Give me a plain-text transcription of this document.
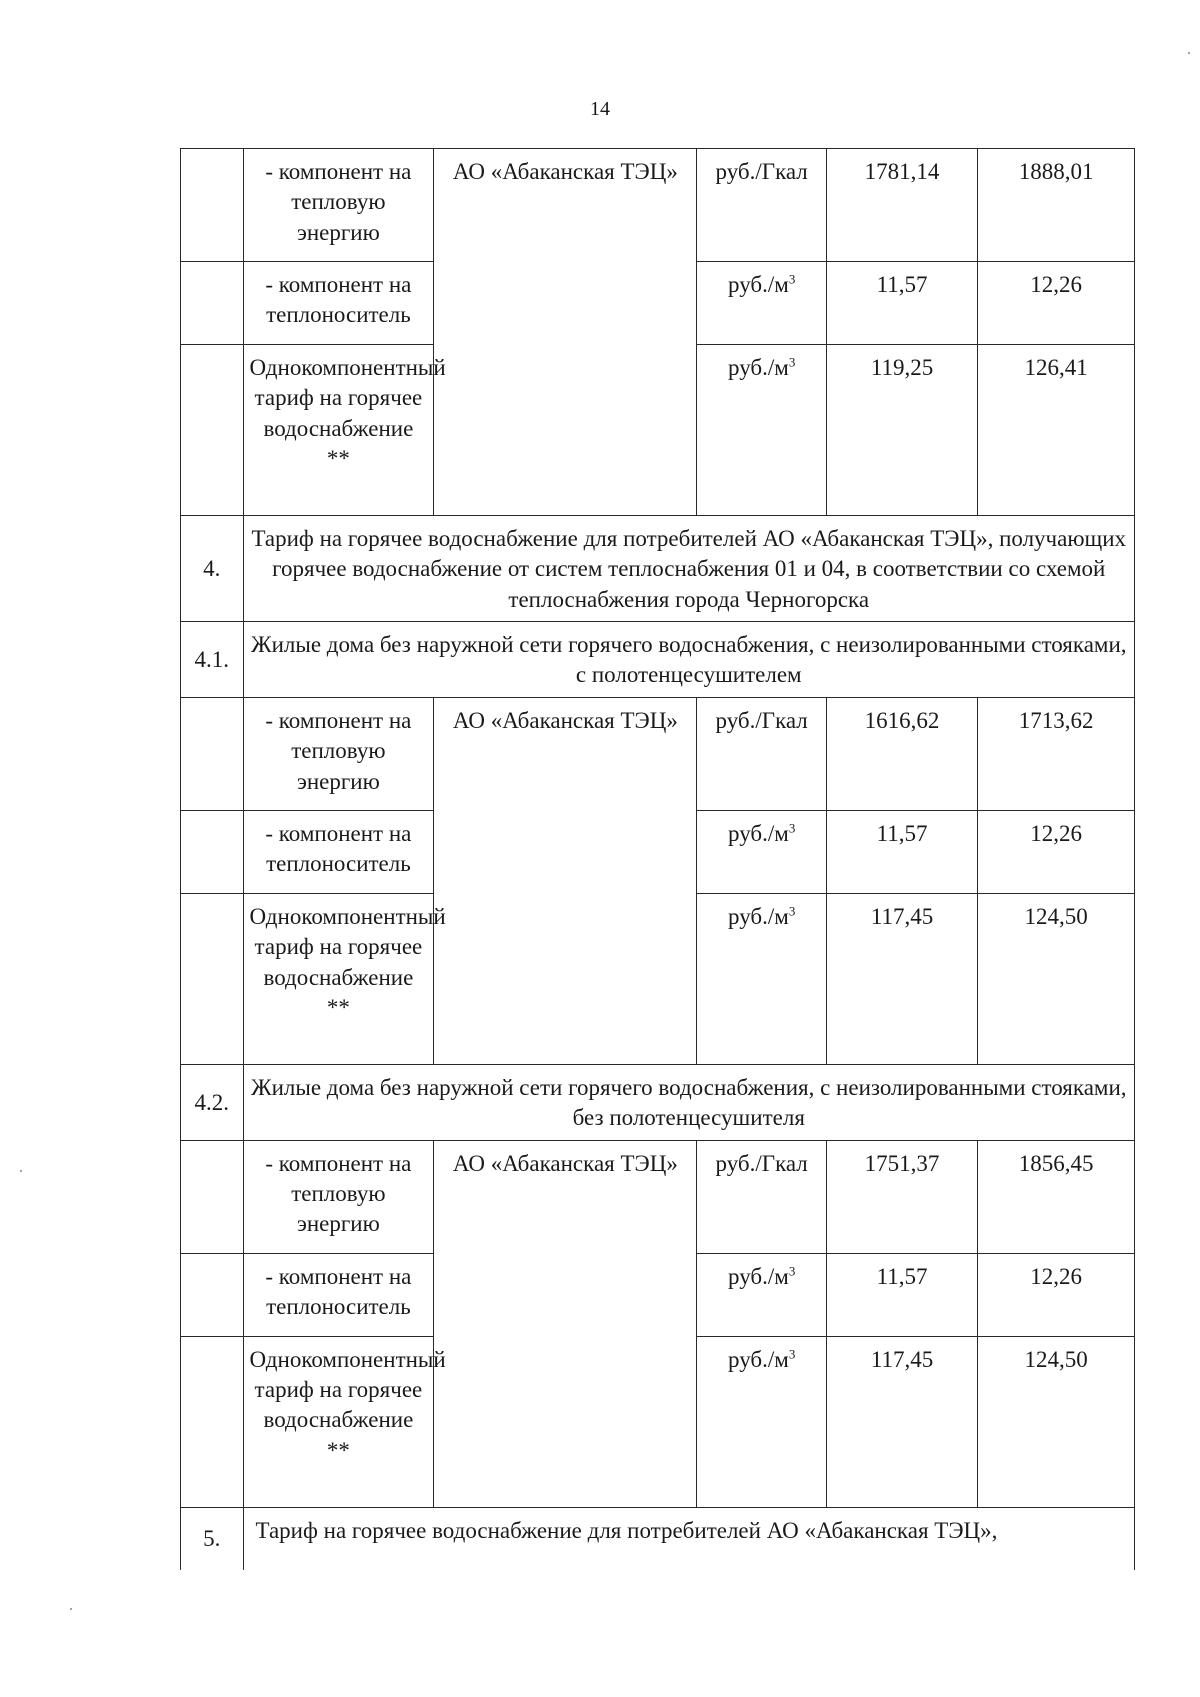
14
	- компонент на тепловую энергию	АО «Абаканская ТЭЦ»	руб./Гкал	1781,14	1888,01
	- компонент на теплоноситель		$руб./м^3$	11,57	12,26
	Однокомпонентный тариф на горячее водоснабжение **		$руб./м^3$	119,25	126,41
4.	Тариф на горячее водоснабжение для потребителей АО «Абаканская ТЭЦ», получающих горячее водоснабжение от систем теплоснабжения 01 и 04, в соответствии со схемой теплоснабжения города Черногорска				
4.1.	Жилые дома без наружной сети горячего водоснабжения, с неизолированными стояками, с полотенцесушителем				
	- компонент на тепловую энергию	АО «Абаканская ТЭЦ»	руб./Гкал	1616,62	1713,62
	- компонент на теплоноситель		$руб./м^3$	11,57	12,26
	Однокомпонентный тариф на горячее водоснабжение **		$руб./м^3$	117,45	124,50
4.2.	Жилые дома без наружной сети горячего водоснабжения, с неизолированными стояками, без полотенцесушителя				
	- компонент на тепловую энергию	АО «Абаканская ТЭЦ»	руб./Гкал	1751,37	1856,45
	- компонент на теплоноситель		$руб./м^3$	11,57	12,26
	Однокомпонентный тариф на горячее водоснабжение **		$руб./м^3$	117,45	124,50
5.	Тариф на горячее водоснабжение для потребителей АО «Абаканская ТЭЦ»,				
